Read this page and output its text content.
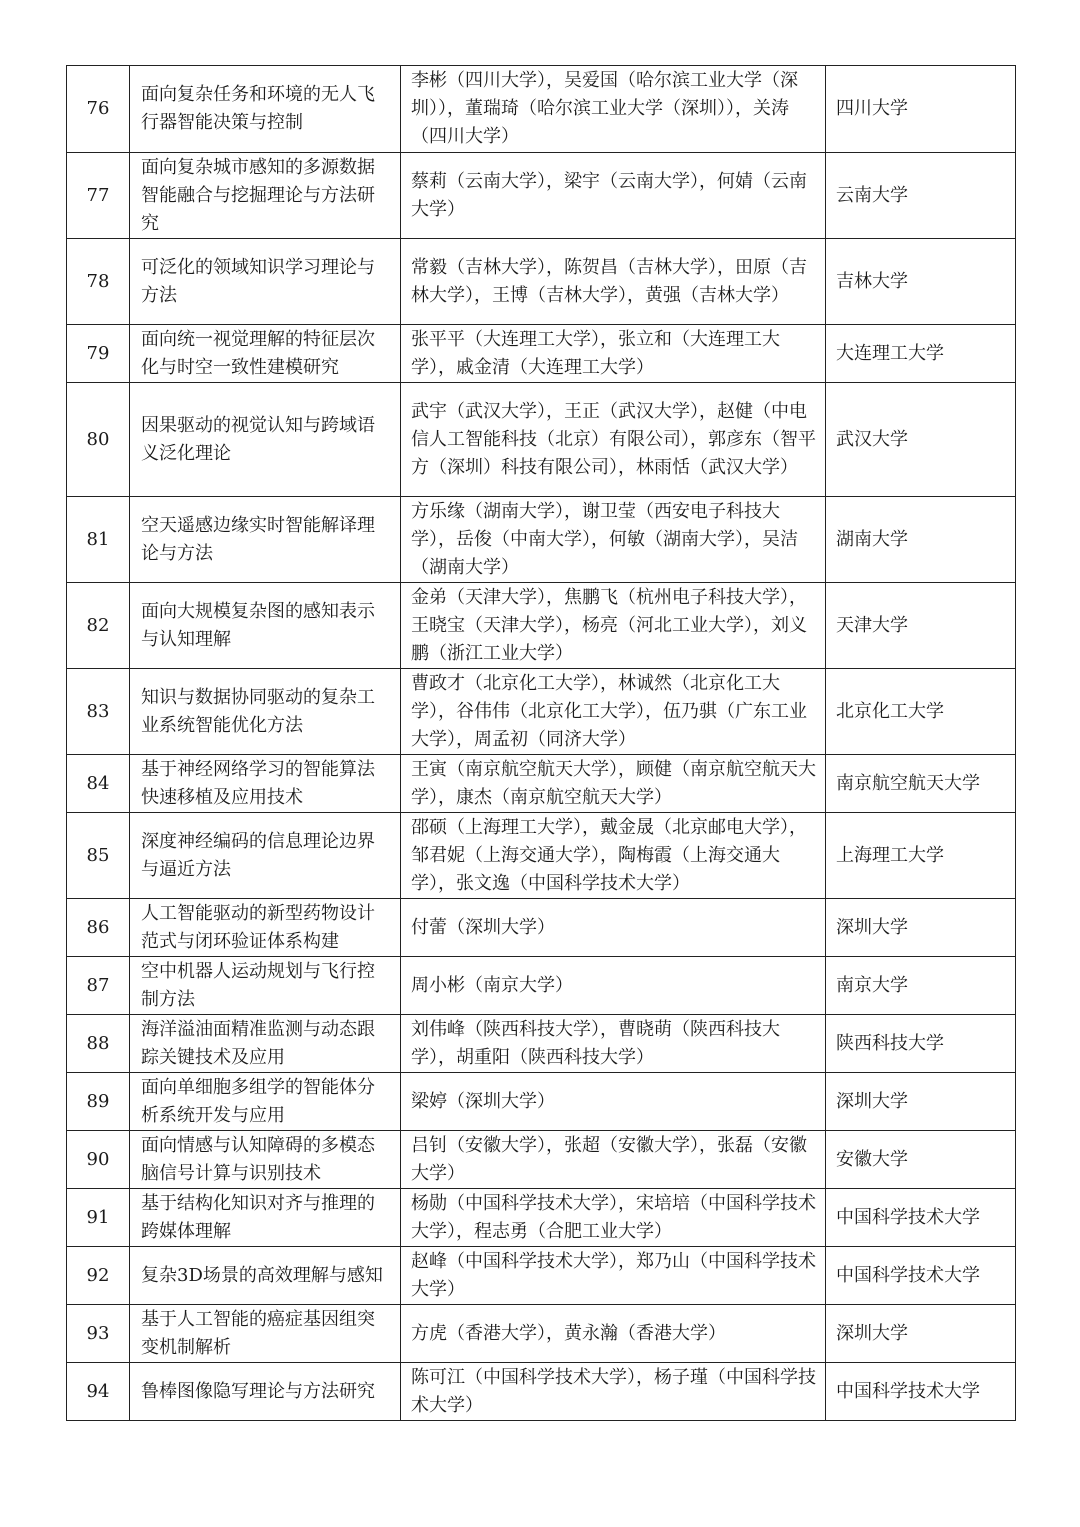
76	面向复杂任务和环境的无人飞行器智能决策与控制	李彬（四川大学），吴爱国（哈尔滨工业大学（深圳）），董瑞琦（哈尔滨工业大学（深圳）），关涛（四川大学）	四川大学
77	面向复杂城市感知的多源数据智能融合与挖掘理论与方法研究	蔡莉（云南大学），梁宇（云南大学），何婧（云南大学）	云南大学
78	可泛化的领域知识学习理论与方法	常毅（吉林大学），陈贺昌（吉林大学），田原（吉林大学），王博（吉林大学），黄强（吉林大学）	吉林大学
79	面向统一视觉理解的特征层次化与时空一致性建模研究	张平平（大连理工大学），张立和（大连理工大学），戚金清（大连理工大学）	大连理工大学
80	因果驱动的视觉认知与跨域语义泛化理论	武宇（武汉大学），王正（武汉大学），赵健（中电信人工智能科技（北京）有限公司），郭彦东（智平方（深圳）科技有限公司），林雨恬（武汉大学）	武汉大学
81	空天遥感边缘实时智能解译理论与方法	方乐缘（湖南大学），谢卫莹（西安电子科技大学），岳俊（中南大学），何敏（湖南大学），吴洁（湖南大学）	湖南大学
82	面向大规模复杂图的感知表示与认知理解	金弟（天津大学），焦鹏飞（杭州电子科技大学），王晓宝（天津大学），杨亮（河北工业大学），刘义鹏（浙江工业大学）	天津大学
83	知识与数据协同驱动的复杂工业系统智能优化方法	曹政才（北京化工大学），林诚然（北京化工大学），谷伟伟（北京化工大学），伍乃骐（广东工业大学），周孟初（同济大学）	北京化工大学
84	基于神经网络学习的智能算法快速移植及应用技术	王寅（南京航空航天大学），顾健（南京航空航天大学），康杰（南京航空航天大学）	南京航空航天大学
85	深度神经编码的信息理论边界与逼近方法	邵硕（上海理工大学），戴金晟（北京邮电大学），邹君妮（上海交通大学），陶梅霞（上海交通大学），张文逸（中国科学技术大学）	上海理工大学
86	人工智能驱动的新型药物设计范式与闭环验证体系构建	付蕾（深圳大学）	深圳大学
87	空中机器人运动规划与飞行控制方法	周小彬（南京大学）	南京大学
88	海洋溢油面精准监测与动态跟踪关键技术及应用	刘伟峰（陕西科技大学），曹晓萌（陕西科技大学），胡重阳（陕西科技大学）	陕西科技大学
89	面向单细胞多组学的智能体分析系统开发与应用	梁婷（深圳大学）	深圳大学
90	面向情感与认知障碍的多模态脑信号计算与识别技术	吕钊（安徽大学），张超（安徽大学），张磊（安徽大学）	安徽大学
91	基于结构化知识对齐与推理的跨媒体理解	杨勋（中国科学技术大学），宋培培（中国科学技术大学），程志勇（合肥工业大学）	中国科学技术大学
92	复杂3D场景的高效理解与感知	赵峰（中国科学技术大学），郑乃山（中国科学技术大学）	中国科学技术大学
93	基于人工智能的癌症基因组突变机制解析	方虎（香港大学），黄永瀚（香港大学）	深圳大学
94	鲁棒图像隐写理论与方法研究	陈可江（中国科学技术大学），杨子瑾（中国科学技术大学）	中国科学技术大学
